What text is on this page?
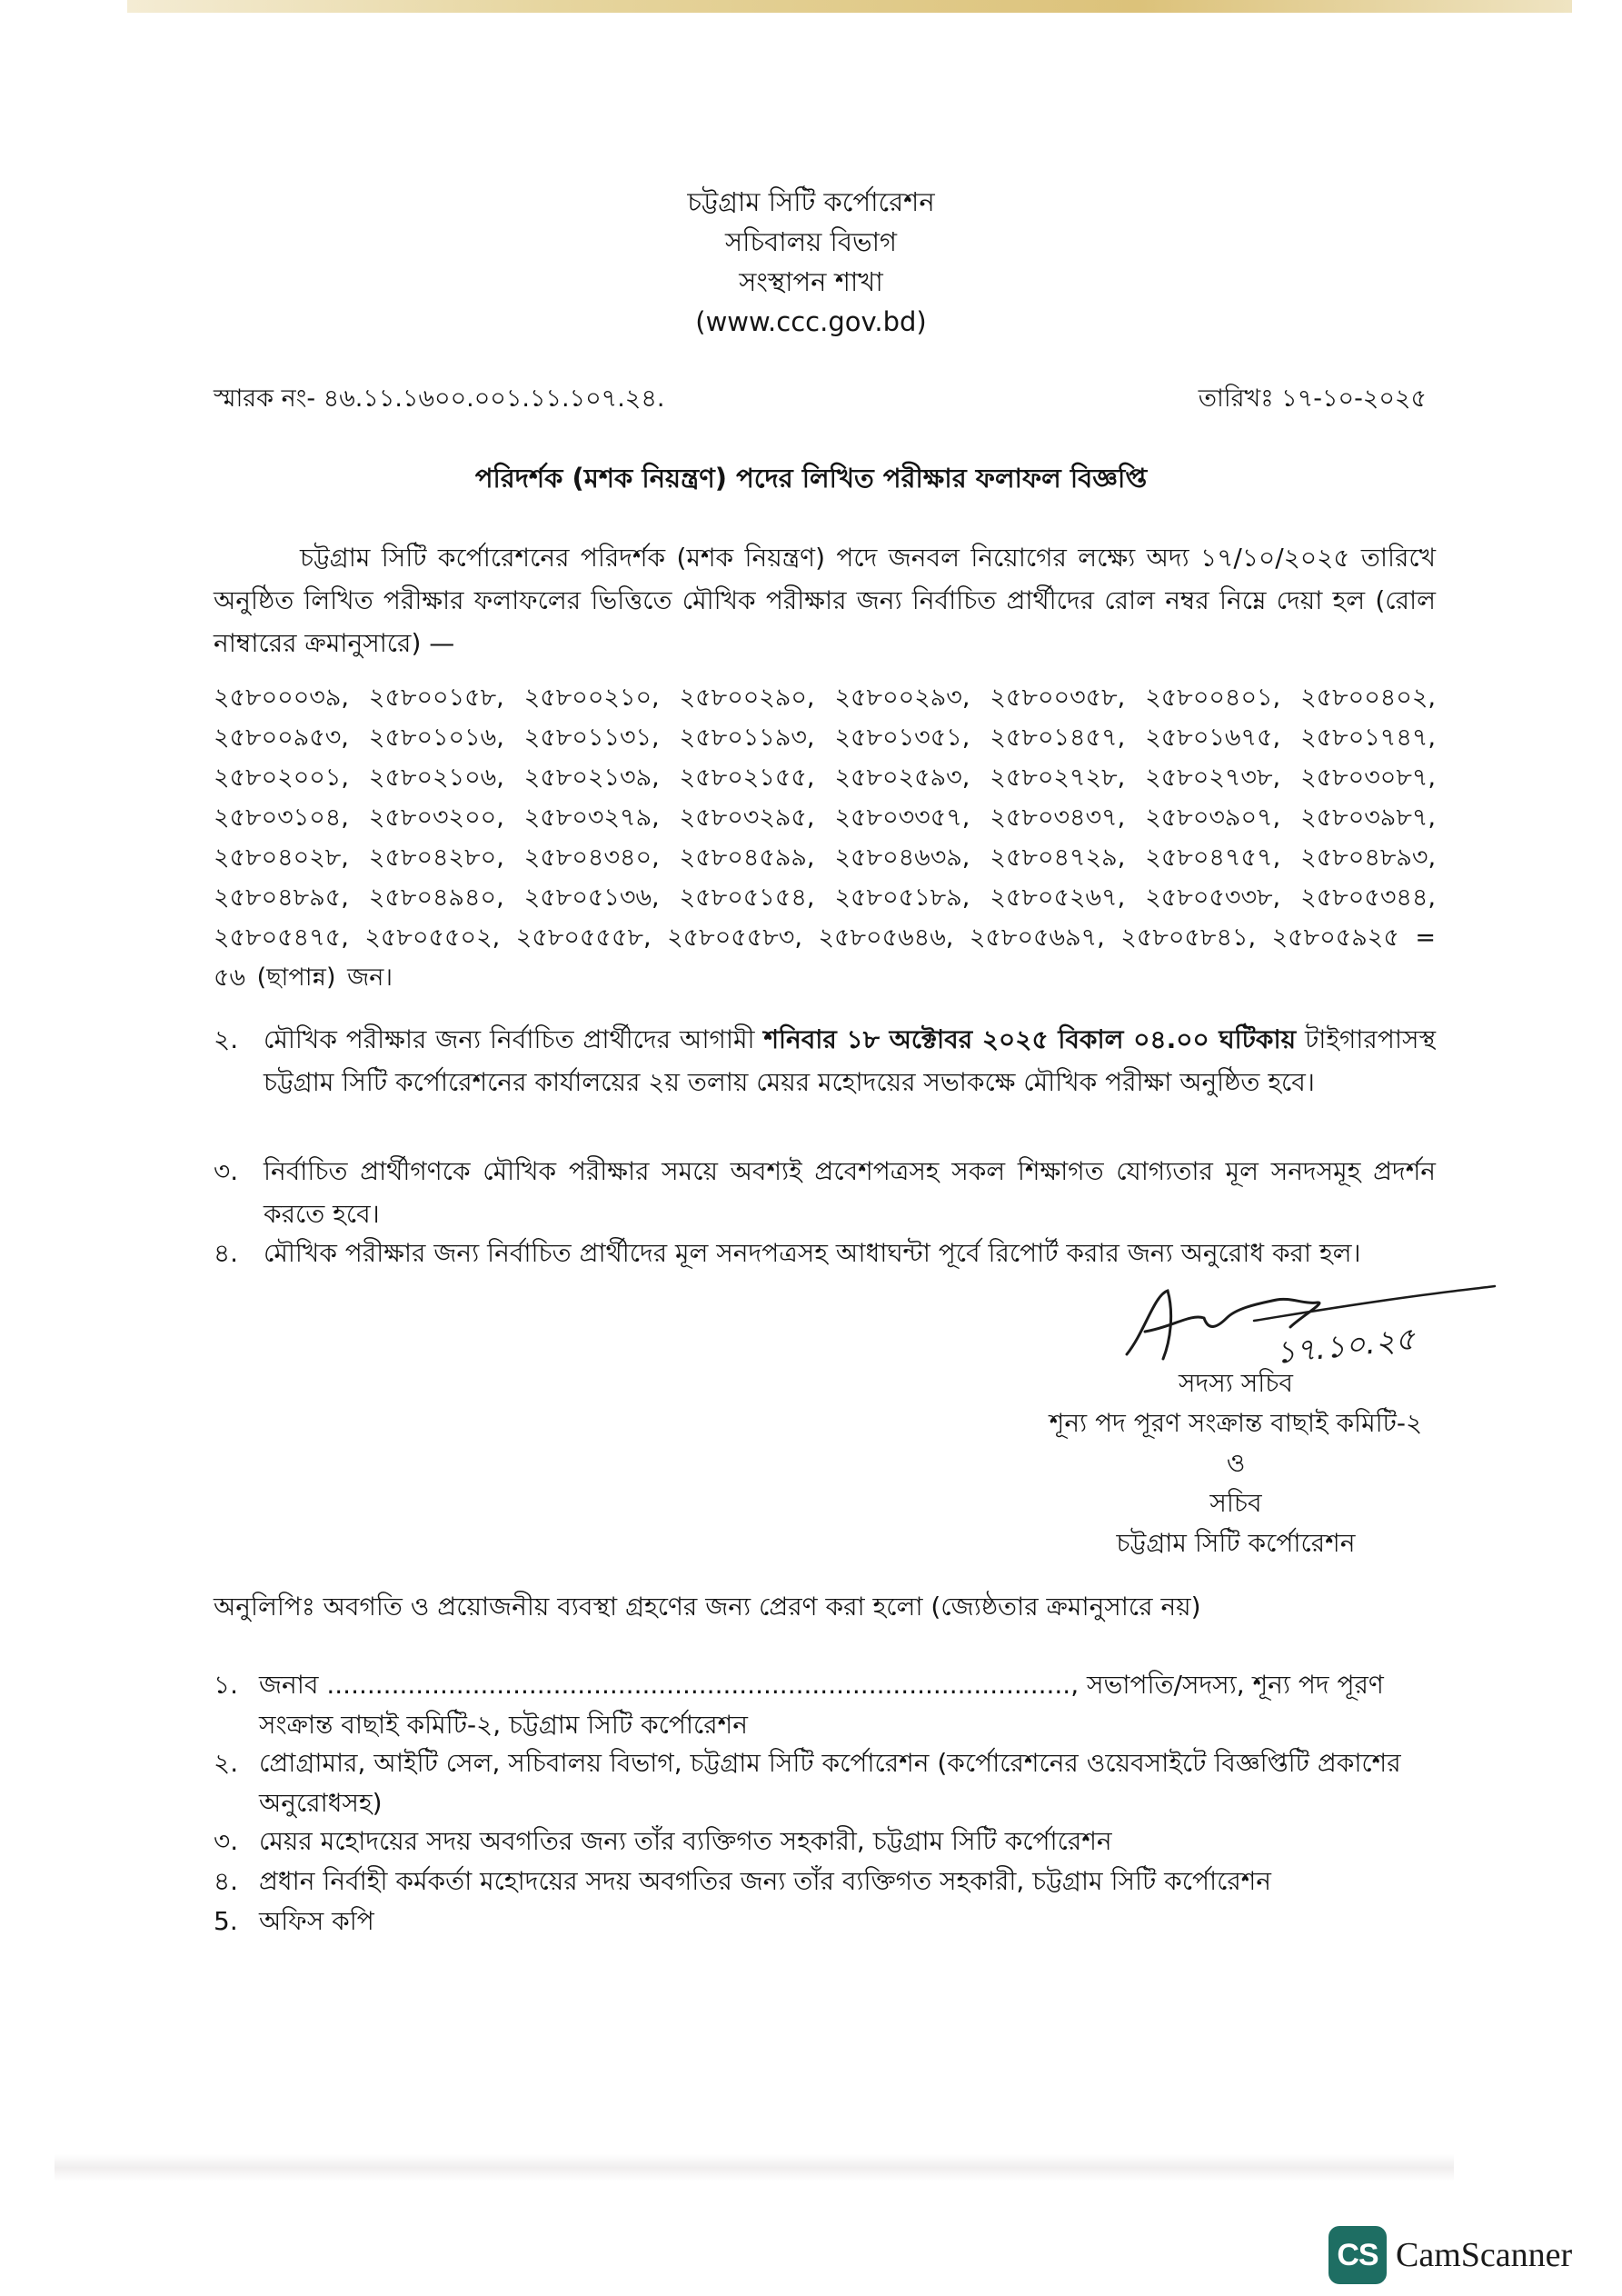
চট্টগ্রাম সিটি কর্পোরেশন
সচিবালয় বিভাগ
সংস্থাপন শাখা
(www.ccc.gov.bd)
স্মারক নং- ৪৬.১১.১৬০০.০০১.১১.১০৭.২৪.	তারিখঃ ১৭-১০-২০২৫
পরিদর্শক (মশক নিয়ন্ত্রণ) পদের লিখিত পরীক্ষার ফলাফল বিজ্ঞপ্তি
চট্টগ্রাম সিটি কর্পোরেশনের পরিদর্শক (মশক নিয়ন্ত্রণ) পদে জনবল নিয়োগের লক্ষ্যে অদ্য ১৭/১০/২০২৫ তারিখে অনুষ্ঠিত লিখিত পরীক্ষার ফলাফলের ভিত্তিতে মৌখিক পরীক্ষার জন্য নির্বাচিত প্রার্থীদের রোল নম্বর নিম্নে দেয়া হল (রোল নাম্বারের ক্রমানুসারে) —
২৫৮০০০৩৯, ২৫৮০০১৫৮, ২৫৮০০২১০, ২৫৮০০২৯০, ২৫৮০০২৯৩, ২৫৮০০৩৫৮, ২৫৮০০৪০১, ২৫৮০০৪০২, ২৫৮০০৯৫৩, ২৫৮০১০১৬, ২৫৮০১১৩১, ২৫৮০১১৯৩, ২৫৮০১৩৫১, ২৫৮০১৪৫৭, ২৫৮০১৬৭৫, ২৫৮০১৭৪৭, ২৫৮০২০০১, ২৫৮০২১০৬, ২৫৮০২১৩৯, ২৫৮০২১৫৫, ২৫৮০২৫৯৩, ২৫৮০২৭২৮, ২৫৮০২৭৩৮, ২৫৮০৩০৮৭, ২৫৮০৩১০৪, ২৫৮০৩২০০, ২৫৮০৩২৭৯, ২৫৮০৩২৯৫, ২৫৮০৩৩৫৭, ২৫৮০৩৪৩৭, ২৫৮০৩৯০৭, ২৫৮০৩৯৮৭, ২৫৮০৪০২৮, ২৫৮০৪২৮০, ২৫৮০৪৩৪০, ২৫৮০৪৫৯৯, ২৫৮০৪৬৩৯, ২৫৮০৪৭২৯, ২৫৮০৪৭৫৭, ২৫৮০৪৮৯৩, ২৫৮০৪৮৯৫, ২৫৮০৪৯৪০, ২৫৮০৫১৩৬, ২৫৮০৫১৫৪, ২৫৮০৫১৮৯, ২৫৮০৫২৬৭, ২৫৮০৫৩৩৮, ২৫৮০৫৩৪৪, ২৫৮০৫৪৭৫, ২৫৮০৫৫০২, ২৫৮০৫৫৫৮, ২৫৮০৫৫৮৩, ২৫৮০৫৬৪৬, ২৫৮০৫৬৯৭, ২৫৮০৫৮৪১, ২৫৮০৫৯২৫ = ৫৬ (ছাপান্ন) জন।
২. মৌখিক পরীক্ষার জন্য নির্বাচিত প্রার্থীদের আগামী শনিবার ১৮ অক্টোবর ২০২৫ বিকাল ০৪.০০ ঘটিকায় টাইগারপাসস্থ চট্টগ্রাম সিটি কর্পোরেশনের কার্যালয়ের ২য় তলায় মেয়র মহোদয়ের সভাকক্ষে মৌখিক পরীক্ষা অনুষ্ঠিত হবে।
৩. নির্বাচিত প্রার্থীগণকে মৌখিক পরীক্ষার সময়ে অবশ্যই প্রবেশপত্রসহ সকল শিক্ষাগত যোগ্যতার মূল সনদসমূহ প্রদর্শন করতে হবে।
৪. মৌখিক পরীক্ষার জন্য নির্বাচিত প্রার্থীদের মূল সনদপত্রসহ আধাঘন্টা পূর্বে রিপোর্ট করার জন্য অনুরোধ করা হল।
১৭.১০.২৫
সদস্য সচিব
শূন্য পদ পূরণ সংক্রান্ত বাছাই কমিটি-২
ও
সচিব
চট্টগ্রাম সিটি কর্পোরেশন
অনুলিপিঃ অবগতি ও প্রয়োজনীয় ব্যবস্থা গ্রহণের জন্য প্রেরণ করা হলো (জ্যেষ্ঠতার ক্রমানুসারে নয়)
১. জনাব ............................................................................................, সভাপতি/সদস্য, শূন্য পদ পূরণ সংক্রান্ত বাছাই কমিটি-২, চট্টগ্রাম সিটি কর্পোরেশন
২. প্রোগ্রামার, আইটি সেল, সচিবালয় বিভাগ, চট্টগ্রাম সিটি কর্পোরেশন (কর্পোরেশনের ওয়েবসাইটে বিজ্ঞপ্তিটি প্রকাশের অনুরোধসহ)
৩. মেয়র মহোদয়ের সদয় অবগতির জন্য তাঁর ব্যক্তিগত সহকারী, চট্টগ্রাম সিটি কর্পোরেশন
৪. প্রধান নির্বাহী কর্মকর্তা মহোদয়ের সদয় অবগতির জন্য তাঁর ব্যক্তিগত সহকারী, চট্টগ্রাম সিটি কর্পোরেশন
5. অফিস কপি
CS CamScanner
